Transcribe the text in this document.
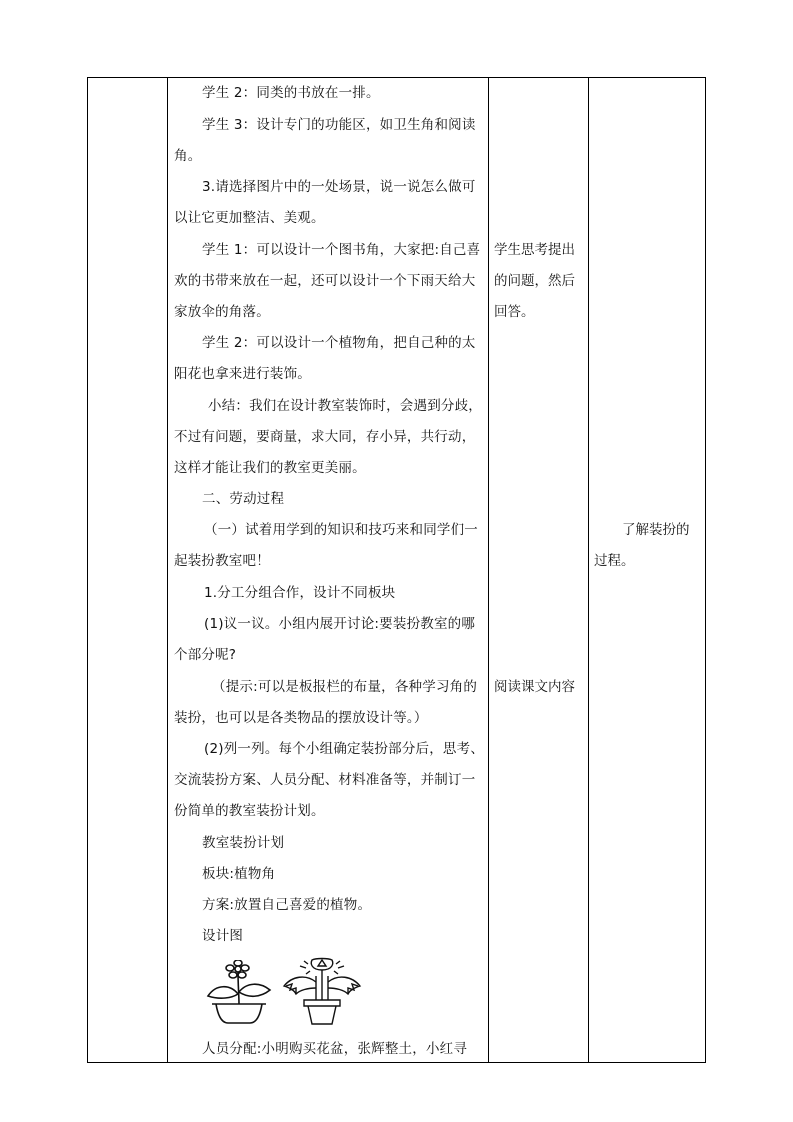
学生 2：同类的书放在一排。
学生 3：设计专门的功能区，如卫生角和阅读
角。
3.请选择图片中的一处场景，说一说怎么做可
以让它更加整洁、美观。
学生 1：可以设计一个图书角，大家把:自己喜
欢的书带来放在一起，还可以设计一个下雨天给大
家放伞的角落。
学生 2：可以设计一个植物角，把自己种的太
阳花也拿来进行装饰。
小结：我们在设计教室装饰时，会遇到分歧，
不过有问题，要商量，求大同，存小异，共行动，
这样才能让我们的教室更美丽。
二、劳动过程
（一）试着用学到的知识和技巧来和同学们一
起装扮教室吧！
1.分工分组合作，设计不同板块
(1)议一议。小组内展开讨论:要装扮教室的哪
个部分呢?
（提示:可以是板报栏的布量，各种学习角的
装扮，也可以是各类物品的摆放设计等。）
(2)列一列。每个小组确定装扮部分后，思考、
交流装扮方案、人员分配、材料准备等，并制订一
份简单的教室装扮计划。
教室装扮计划
板块:植物角
方案:放置自己喜爱的植物。
设计图
人员分配:小明购买花盆，张辉整土，小红寻
学生思考提出
的问题，然后
回答。
阅读课文内容
了解装扮的
过程。
